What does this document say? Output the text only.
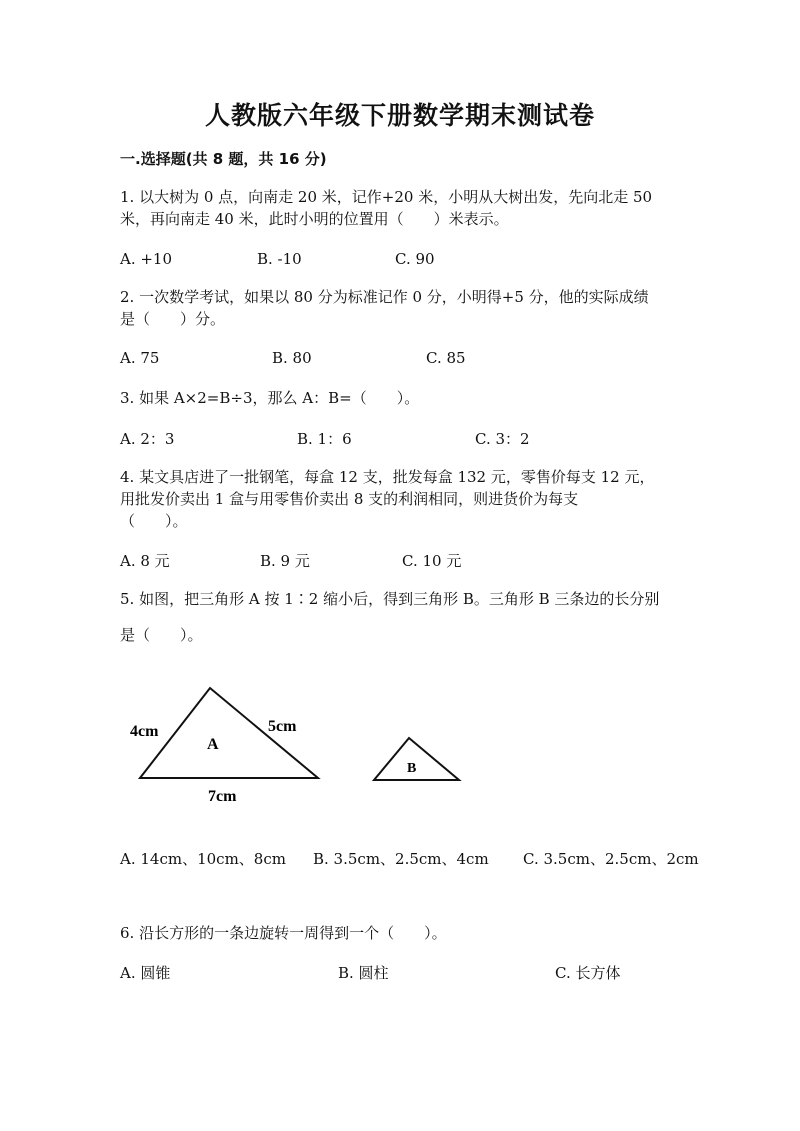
人教版六年级下册数学期末测试卷
一.选择题(共 8 题，共 16 分)
1. 以大树为 0 点，向南走 20 米，记作+20 米，小明从大树出发，先向北走 50
米，再向南走 40 米，此时小明的位置用（　　）米表示。
A. +10	B. -10	C. 90
2. 一次数学考试，如果以 80 分为标准记作 0 分，小明得+5 分，他的实际成绩
是（　　）分。
A. 75	B. 80	C. 85
3. 如果 A×2=B÷3，那么 A：B=（　　）。
A. 2：3	B. 1：6	C. 3：2
4. 某文具店进了一批钢笔，每盒 12 支，批发每盒 132 元，零售价每支 12 元，
用批发价卖出 1 盒与用零售价卖出 8 支的利润相同，则进货价为每支
（　　）。
A. 8 元	B. 9 元	C. 10 元
5. 如图，把三角形 A 按 1∶2 缩小后，得到三角形 B。三角形 B 三条边的长分别
是（　　）。
4cm	5cm
7cm
A
B
A. 14cm、10cm、8cm B. 3.5cm、2.5cm、4cm C. 3.5cm、2.5cm、2cm
6. 沿长方形的一条边旋转一周得到一个（　　）。
A. 圆锥	B. 圆柱	C. 长方体
